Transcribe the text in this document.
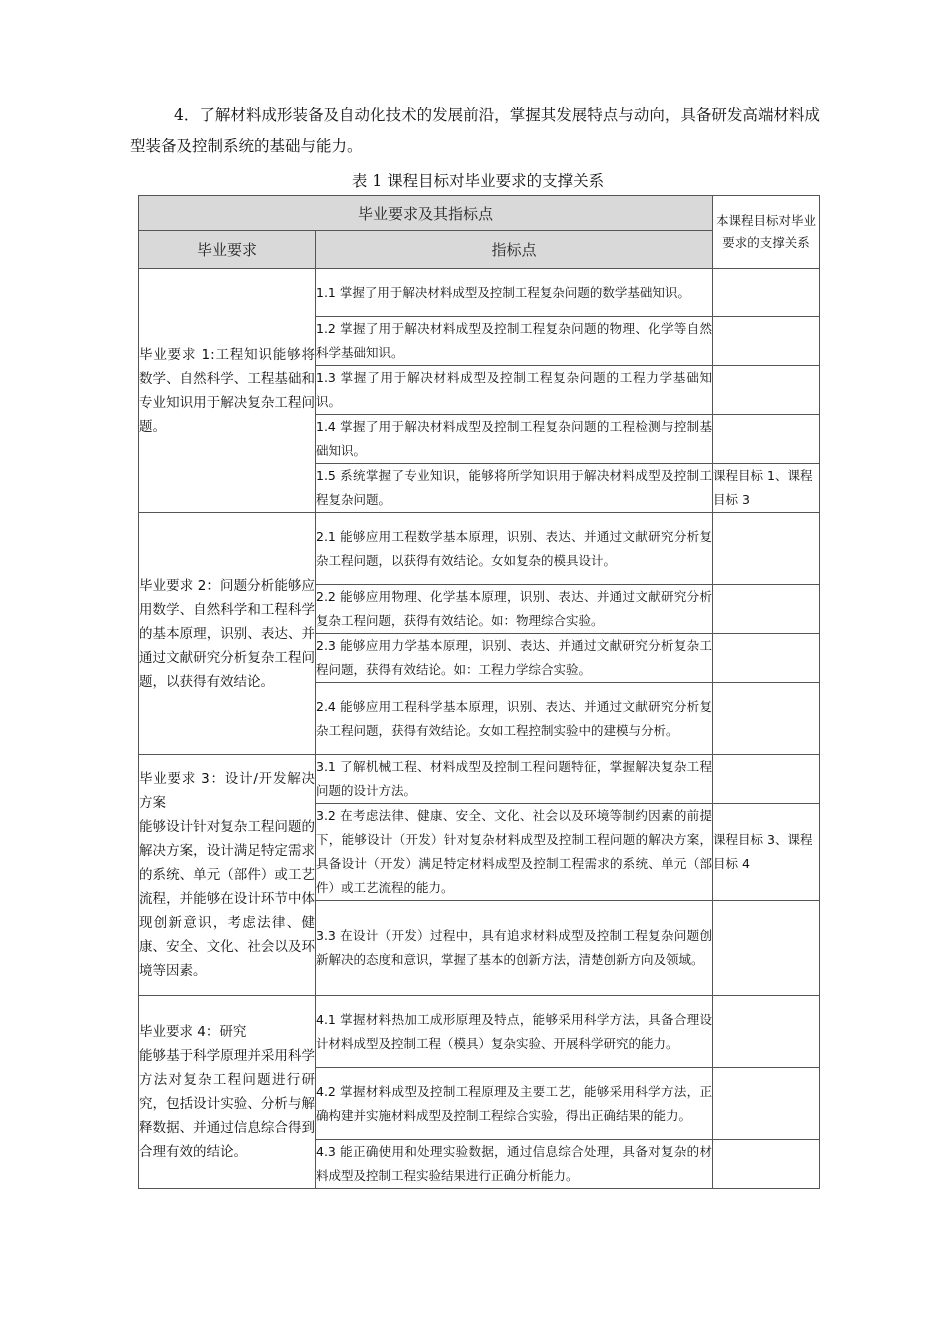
4．了解材料成形装备及自动化技术的发展前沿，掌握其发展特点与动向，具备研发高端材料成型装备及控制系统的基础与能力。

表 1 课程目标对毕业要求的支撑关系

毕业要求及其指标点		本课程目标对毕业要求的支撑关系
毕业要求	指标点	
毕业要求 1:工程知识能够将数学、自然科学、工程基础和专业知识用于解决复杂工程问题。	1.1 掌握了用于解决材料成型及控制工程复杂问题的数学基础知识。	
	1.2 掌握了用于解决材料成型及控制工程复杂问题的物理、化学等自然科学基础知识。	
	1.3 掌握了用于解决材料成型及控制工程复杂问题的工程力学基础知识。	
	1.4 掌握了用于解决材料成型及控制工程复杂问题的工程检测与控制基础知识。	
	1.5 系统掌握了专业知识，能够将所学知识用于解决材料成型及控制工程复杂问题。	课程目标 1、课程目标 3
毕业要求 2：问题分析能够应用数学、自然科学和工程科学的基本原理，识别、表达、并通过文献研究分析复杂工程问题，以获得有效结论。	2.1 能够应用工程数学基本原理，识别、表达、并通过文献研究分析复杂工程问题，以获得有效结论。女如复杂的模具设计。	
	2.2 能够应用物理、化学基本原理，识别、表达、并通过文献研究分析复杂工程问题，获得有效结论。如：物理综合实验。	
	2.3 能够应用力学基本原理，识别、表达、并通过文献研究分析复杂工程问题，获得有效结论。如：工程力学综合实验。	
	2.4 能够应用工程科学基本原理，识别、表达、并通过文献研究分析复杂工程问题，获得有效结论。女如工程控制实验中的建模与分析。	

毕业要求 3：设计/开发解决方案
能够设计针对复杂工程问题的解决方案，设计满足特定需求的系统、单元（部件）或工艺流程，并能够在设计环节中体现创新意识，考虑法律、健康、安全、文化、社会以及环境等因素。	3.1 了解机械工程、材料成型及控制工程问题特征，掌握解决复杂工程问题的设计方法。	
	3.2 在考虑法律、健康、安全、文化、社会以及环境等制约因素的前提下，能够设计（开发）针对复杂材料成型及控制工程问题的解决方案，具备设计（开发）满足特定材料成型及控制工程需求的系统、单元（部件）或工艺流程的能力。	课程目标 3、课程目标 4
	3.3 在设计（开发）过程中，具有追求材料成型及控制工程复杂问题创新解决的态度和意识，掌握了基本的创新方法，清楚创新方向及领域。	

毕业要求 4：研究
能够基于科学原理并采用科学方法对复杂工程问题进行研究，包括设计实验、分析与解释数据、并通过信息综合得到合理有效的结论。	4.1 掌握材料热加工成形原理及特点，能够采用科学方法，具备合理设计材料成型及控制工程（模具）复杂实验、开展科学研究的能力。	
	4.2 掌握材料成型及控制工程原理及主要工艺，能够采用科学方法，正确构建并实施材料成型及控制工程综合实验，得出正确结果的能力。	
	4.3 能正确使用和处理实验数据，通过信息综合处理，具备对复杂的材料成型及控制工程实验结果进行正确分析能力。	
